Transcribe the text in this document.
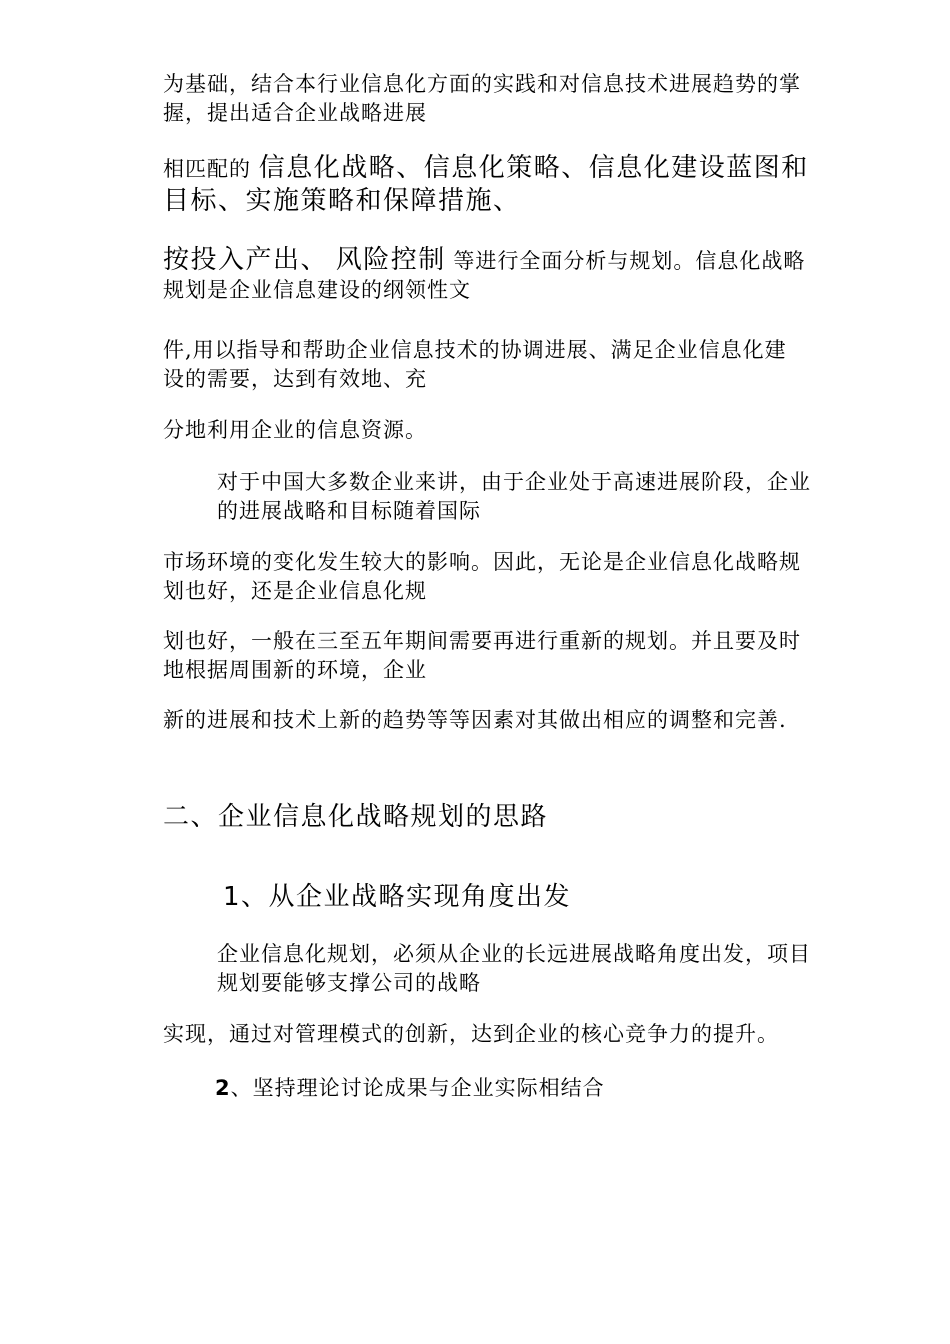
为基础，结合本行业信息化方面的实践和对信息技术进展趋势的掌
握，提出适合企业战略进展

相匹配的 信息化战略、信息化策略、信息化建设蓝图和
目标、实施策略和保障措施、

按投入产出、 风险控制 等进行全面分析与规划。信息化战略
规划是企业信息建设的纲领性文

件,用以指导和帮助企业信息技术的协调进展、满足企业信息化建
设的需要，达到有效地、充

分地利用企业的信息资源。

对于中国大多数企业来讲，由于企业处于高速进展阶段，企业
的进展战略和目标随着国际

市场环境的变化发生较大的影响。因此，无论是企业信息化战略规
划也好，还是企业信息化规

划也好，一般在三至五年期间需要再进行重新的规划。并且要及时
地根据周围新的环境，企业

新的进展和技术上新的趋势等等因素对其做出相应的调整和完善.

二、企业信息化战略规划的思路
1、从企业战略实现角度出发

企业信息化规划，必须从企业的长远进展战略角度出发，项目
规划要能够支撑公司的战略

实现，通过对管理模式的创新，达到企业的核心竞争力的提升。

2、坚持理论讨论成果与企业实际相结合
